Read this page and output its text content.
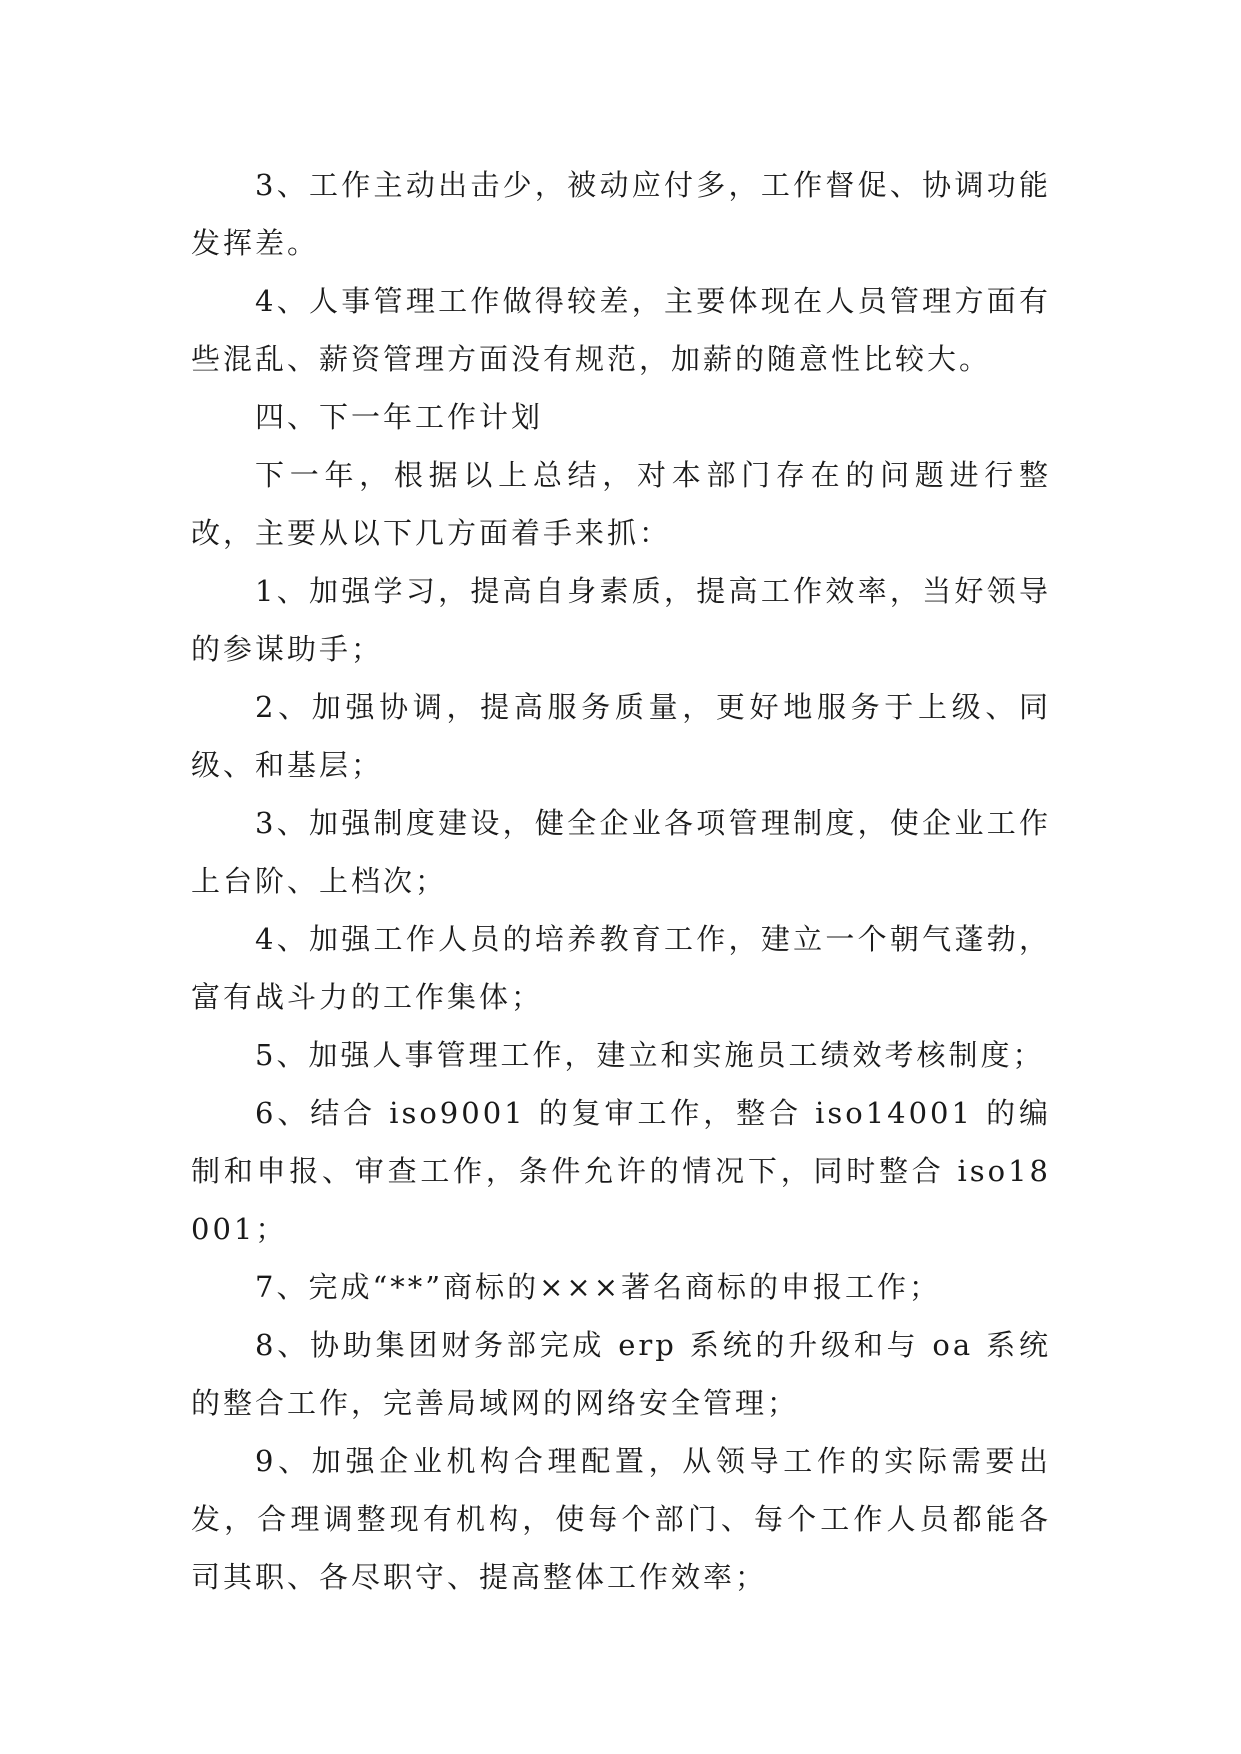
3、工作主动出击少，被动应付多，工作督促、协调功能发挥差。

4、人事管理工作做得较差，主要体现在人员管理方面有些混乱、薪资管理方面没有规范，加薪的随意性比较大。

四、下一年工作计划

下一年，根据以上总结，对本部门存在的问题进行整改，主要从以下几方面着手来抓：

1、加强学习，提高自身素质，提高工作效率，当好领导的参谋助手；

2、加强协调，提高服务质量，更好地服务于上级、同级、和基层；

3、加强制度建设，健全企业各项管理制度，使企业工作上台阶、上档次；

4、加强工作人员的培养教育工作，建立一个朝气蓬勃，富有战斗力的工作集体；

5、加强人事管理工作，建立和实施员工绩效考核制度；

6、结合 iso9001 的复审工作，整合 iso14001 的编制和申报、审查工作，条件允许的情况下，同时整合 iso18001；

7、完成“**”商标的×××著名商标的申报工作；

8、协助集团财务部完成 erp 系统的升级和与 oa 系统的整合工作，完善局域网的网络安全管理；

9、加强企业机构合理配置，从领导工作的实际需要出发，合理调整现有机构，使每个部门、每个工作人员都能各司其职、各尽职守、提高整体工作效率；
